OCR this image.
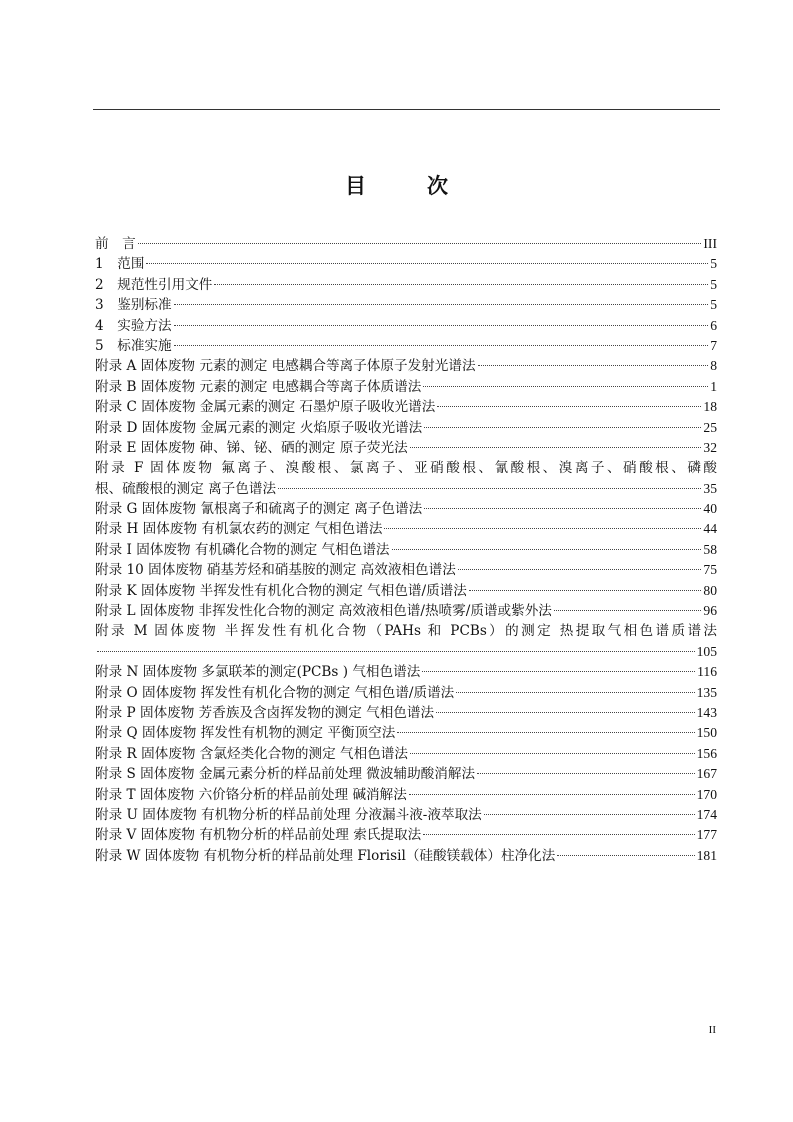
目　次
前　言	III
1　范围	5
2　规范性引用文件	5
3　鉴别标准	5
4　实验方法	6
5　标准实施	7
附录 A 固体废物 元素的测定 电感耦合等离子体原子发射光谱法	8
附录 B 固体废物 元素的测定 电感耦合等离子体质谱法	1
附录 C 固体废物 金属元素的测定 石墨炉原子吸收光谱法	18
附录 D 固体废物 金属元素的测定 火焰原子吸收光谱法	25
附录 E 固体废物 砷、锑、铋、硒的测定 原子荧光法	32
附录 F 固体废物 氟离子、溴酸根、氯离子、亚硝酸根、氰酸根、溴离子、硝酸根、磷酸
根、硫酸根的测定 离子色谱法	35
附录 G 固体废物 氰根离子和硫离子的测定 离子色谱法	40
附录 H 固体废物 有机氯农药的测定 气相色谱法	44
附录 I 固体废物 有机磷化合物的测定 气相色谱法	58
附录 10 固体废物 硝基芳烃和硝基胺的测定 高效液相色谱法	75
附录 K 固体废物 半挥发性有机化合物的测定 气相色谱/质谱法	80
附录 L 固体废物 非挥发性化合物的测定 高效液相色谱/热喷雾/质谱或紫外法	96
附录 M 固体废物 半挥发性有机化合物（PAHs 和 PCBs）的测定 热提取气相色谱质谱法
105
附录 N 固体废物 多氯联苯的测定(PCBs ) 气相色谱法	116
附录 O 固体废物 挥发性有机化合物的测定 气相色谱/质谱法	135
附录 P 固体废物 芳香族及含卤挥发物的测定 气相色谱法	143
附录 Q 固体废物 挥发性有机物的测定 平衡顶空法	150
附录 R 固体废物 含氯烃类化合物的测定 气相色谱法	156
附录 S 固体废物 金属元素分析的样品前处理 微波辅助酸消解法	167
附录 T 固体废物 六价铬分析的样品前处理 碱消解法	170
附录 U 固体废物 有机物分析的样品前处理 分液漏斗液-液萃取法	174
附录 V 固体废物 有机物分析的样品前处理 索氏提取法	177
附录 W 固体废物 有机物分析的样品前处理 Florisil（硅酸镁载体）柱净化法	181
II
